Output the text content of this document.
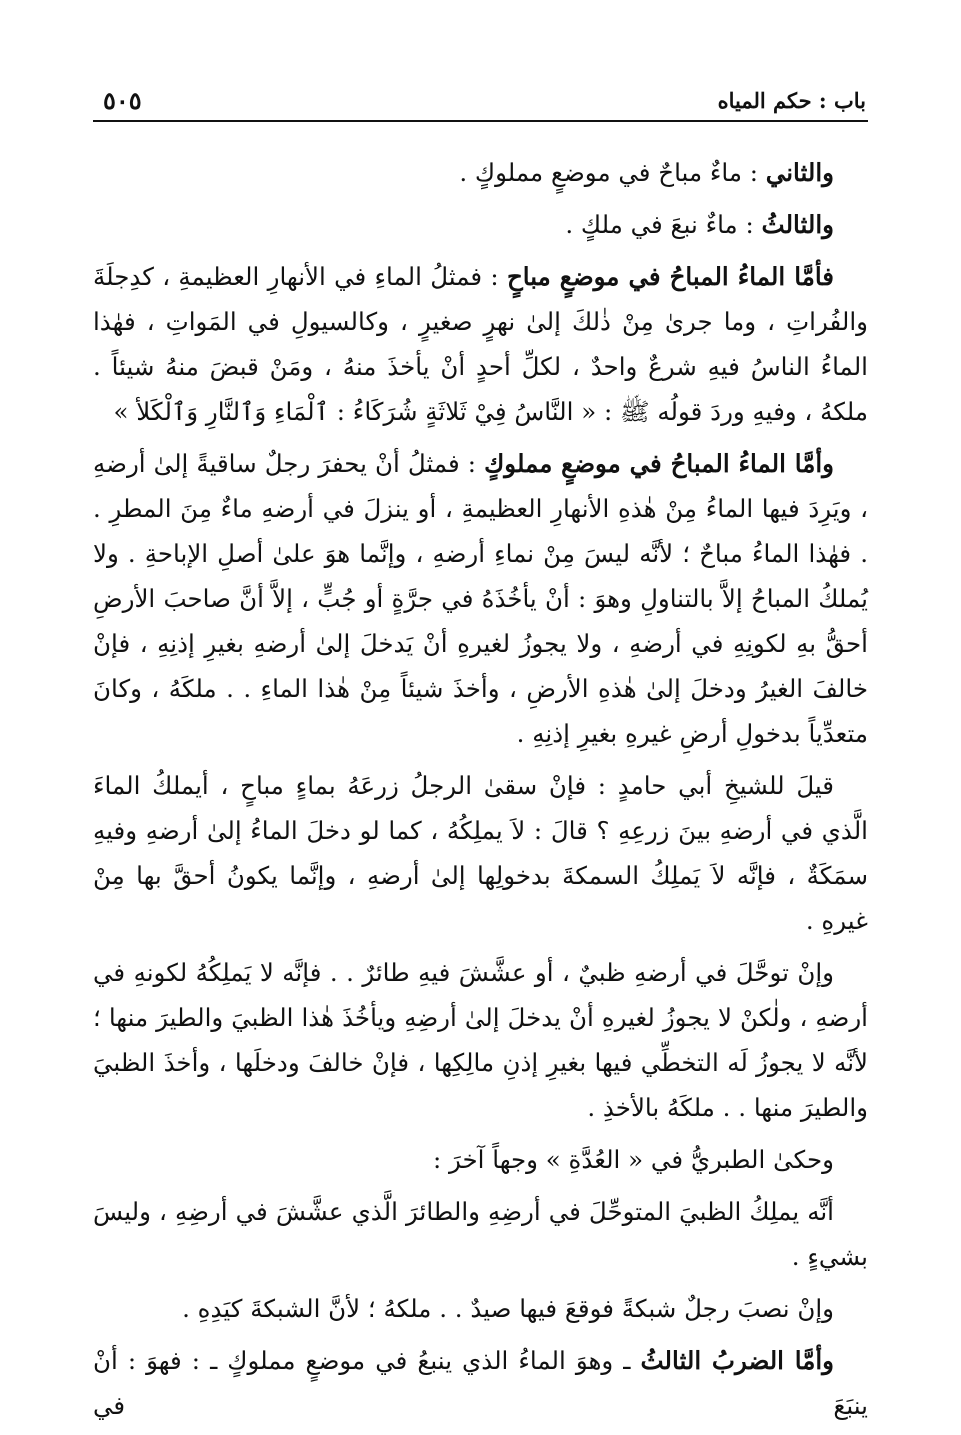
باب : حكم المياه
٥٠٥

والثاني : ماءٌ مباحٌ في موضعٍ مملوكٍ .

والثالثُ : ماءٌ نبعَ في ملكٍ .

فأمَّا الماءُ المباحُ في موضعٍ مباحٍ : فمثلُ الماءِ في الأنهارِ العظيمةِ ، كدِجلَةَ والفُراتِ ، وما جرىٰ مِنْ ذٰلكَ إلىٰ نهرٍ صغيرٍ ، وكالسيولِ في المَواتِ ، فهٰذا الماءُ الناسُ فيهِ شرعٌ واحدٌ ، لكلِّ أحدٍ أنْ يأخذَ منهُ ، ومَنْ قبضَ منهُ شيئاً . ملكهُ ، وفيهِ وردَ قولُه ﷺ : « النَّاسُ فِيْ ثَلاثَةٍ شُرَكَاءُ : ٱلْمَاءِ وَٱلنَّارِ وَٱلْكَلأ »

وأمَّا الماءُ المباحُ في موضعٍ مملوكٍ : فمثلُ أنْ يحفرَ رجلٌ ساقيةً إلىٰ أرضهِ ، ويَرِدَ فيها الماءُ مِنْ هٰذهِ الأنهارِ العظيمةِ ، أو ينزلَ في أرضهِ ماءٌ مِنَ المطرِ . . فهٰذا الماءُ مباحٌ ؛ لأنَّه ليسَ مِنْ نماءِ أرضهِ ، وإنَّما هوَ علىٰ أصلِ الإباحةِ . ولا يُملكُ المباحُ إلاَّ بالتناولِ وهوَ : أنْ يأخُذَهُ في جرَّةٍ أو جُبٍّ ، إلاَّ أنَّ صاحبَ الأرضِ أحقُّ بهِ لكونِهِ في أرضهِ ، ولا يجوزُ لغيرهِ أنْ يَدخلَ إلىٰ أرضهِ بغيرِ إذنِهِ ، فإنْ خالفَ الغيرُ ودخلَ إلىٰ هٰذهِ الأرضِ ، وأخذَ شيئاً مِنْ هٰذا الماءِ . . ملكَهُ ، وكانَ متعدِّياً بدخولِ أرضِ غيرهِ بغيرِ إذنِهِ .

قيلَ للشيخِ أبي حامدٍ : فإنْ سقىٰ الرجلُ زرعَهُ بماءٍ مباحٍ ، أيملكُ الماءَ الَّذي في أرضهِ بينَ زرعِهِ ؟ قالَ : لاَ يملِكُهُ ، كما لو دخلَ الماءُ إلىٰ أرضهِ وفيهِ سمَكَةٌ ، فإنَّه لاَ يَملِكُ السمكةَ بدخولِها إلىٰ أرضهِ ، وإنَّما يكونُ أحقَّ بها مِنْ غيرهِ .

وإنْ توحَّلَ في أرضهِ ظبيٌ ، أو عشَّشَ فيهِ طائرٌ . . فإنَّه لا يَملِكُهُ لكونهِ في أرضهِ ، ولٰكنْ لا يجوزُ لغيرهِ أنْ يدخلَ إلىٰ أرضِهِ ويأخُذَ هٰذا الظبيَ والطيرَ منها ؛ لأنَّه لا يجوزُ لَه التخطِّي فيها بغيرِ إذنِ مالِكِها ، فإنْ خالفَ ودخلَها ، وأخذَ الظبيَ والطيرَ منها . . ملكَهُ بالأخذِ .

وحكىٰ الطبريُّ في « العُدَّةِ » وجهاً آخرَ :

أنَّه يملِكُ الظبيَ المتوحِّلَ في أرضِهِ والطائرَ الَّذي عشَّشَ في أرضِهِ ، وليسَ بشيءٍ .

وإنْ نصبَ رجلٌ شبكةً فوقعَ فيها صيدٌ . . ملكهُ ؛ لأنَّ الشبكةَ كيَدِهِ .

وأمَّا الضربُ الثالثُ ـ وهوَ الماءُ الذي ينبعُ في موضعٍ مملوكٍ ـ : فهوَ : أنْ ينبَعَ في
